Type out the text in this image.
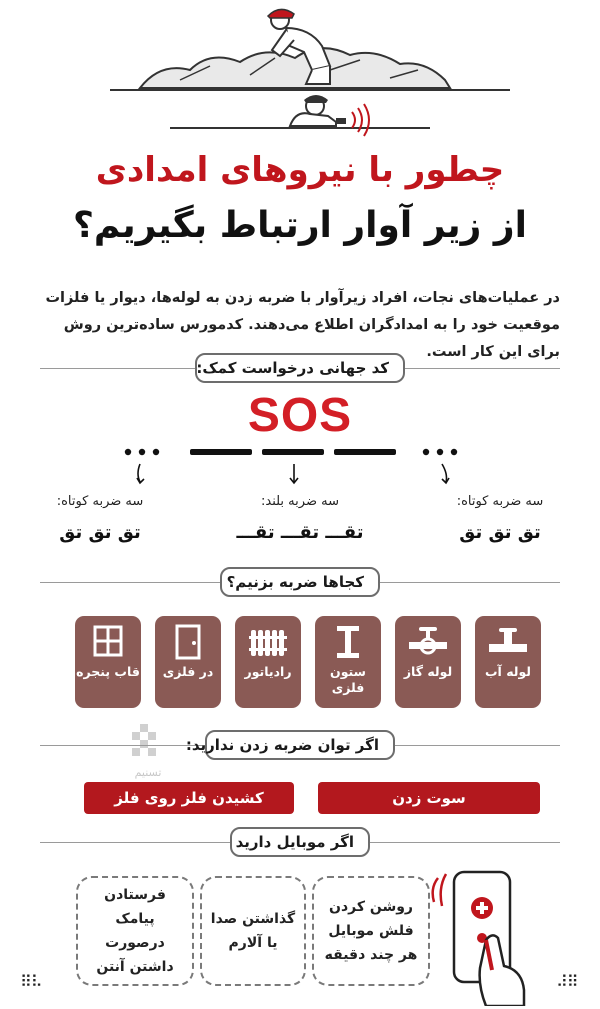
چطور با نیروهای امدادی
از زیر آوار ارتباط بگیریم؟
در عملیات‌های نجات، افراد زیرآوار با ضربه زدن به لوله‌ها، دیوار یا فلزات موقعیت خود را به امدادگران اطلاع می‌دهند. کدمورس ساده‌ترین روش برای این کار است.
کد جهانی درخواست کمک:
SOS
سه ضربه کوتاه:
تق تق تق
سه ضربه بلند:
تقـــ تقـــ تقـــ
سه ضربه کوتاه:
تق تق تق
کجاها ضربه بزنیم؟
لوله آب
لوله گاز
ستون فلزی
رادیاتور
در فلزی
قاب پنجره
تسنیم
اگر توان ضربه زدن ندارید:
سوت زدن
کشیدن فلز روی فلز
اگر موبایل دارید
روشن کردن فلش موبایل هر چند دقیقه
گذاشتن صدا یا آلارم
فرستادن پیامک درصورت داشتن آنتن
⠿⠧	⠼⠿
